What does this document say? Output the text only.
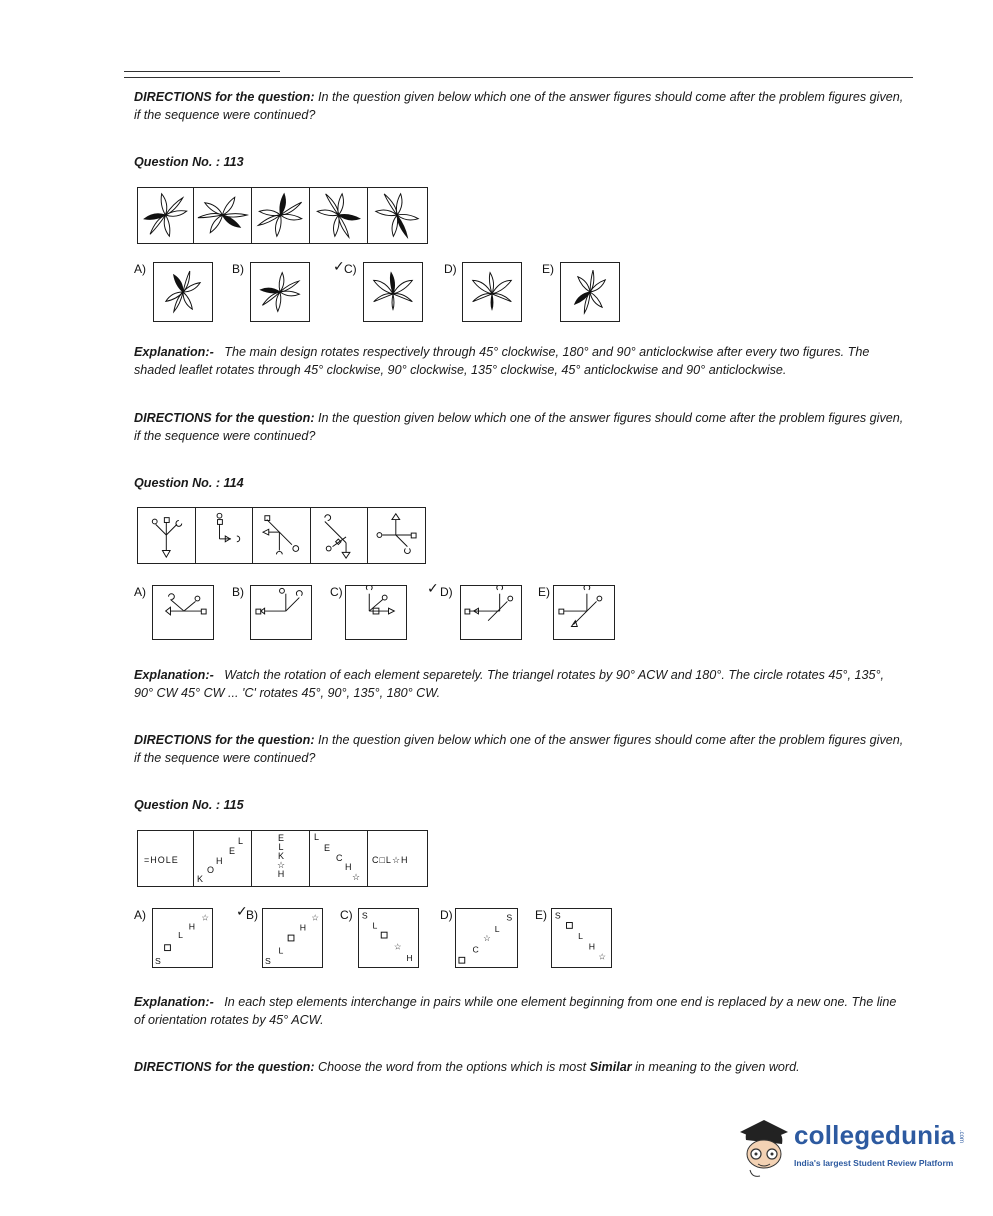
DIRECTIONS for the question: In the question given below which one of the answer figures should come after the problem figures given, if the sequence were continued?
Question No. : 113
A)	B)	✓ C)	D)	E)
Explanation:- The main design rotates respectively through 45° clockwise, 180° and 90° anticlockwise after every two figures. The shaded leaflet rotates through 45° clockwise, 90° clockwise, 135° clockwise, 45° anticlockwise and 90° anticlockwise.
DIRECTIONS for the question: In the question given below which one of the answer figures should come after the problem figures given, if the sequence were continued?
Question No. : 114
A)	B)	C)	✓ D)	E)
Explanation:- Watch the rotation of each element separetely. The triangel rotates by 90° ACW and 180°. The circle rotates 45°, 135°, 90° CW 45° CW ... 'C' rotates 45°, 90°, 135°, 180° CW.
DIRECTIONS for the question: In the question given below which one of the answer figures should come after the problem figures given, if the sequence were continued?
Question No. : 115
=HOLE
K
O
H
E
L	E L K ☆ H
L
E
C
H
☆
C□L☆H
A)
S
L
H
☆ ✓
B)
S
L
H
☆ C) S
L
☆
H
D)
C
☆
L
S E) S
L
H
☆
Explanation:- In each step elements interchange in pairs while one element beginning from one end is replaced by a new one. The line of orientation rotates by 45° ACW.
DIRECTIONS for the question: Choose the word from the options which is most Similar in meaning to the given word.
collegedunia .com
India's largest Student Review Platform
